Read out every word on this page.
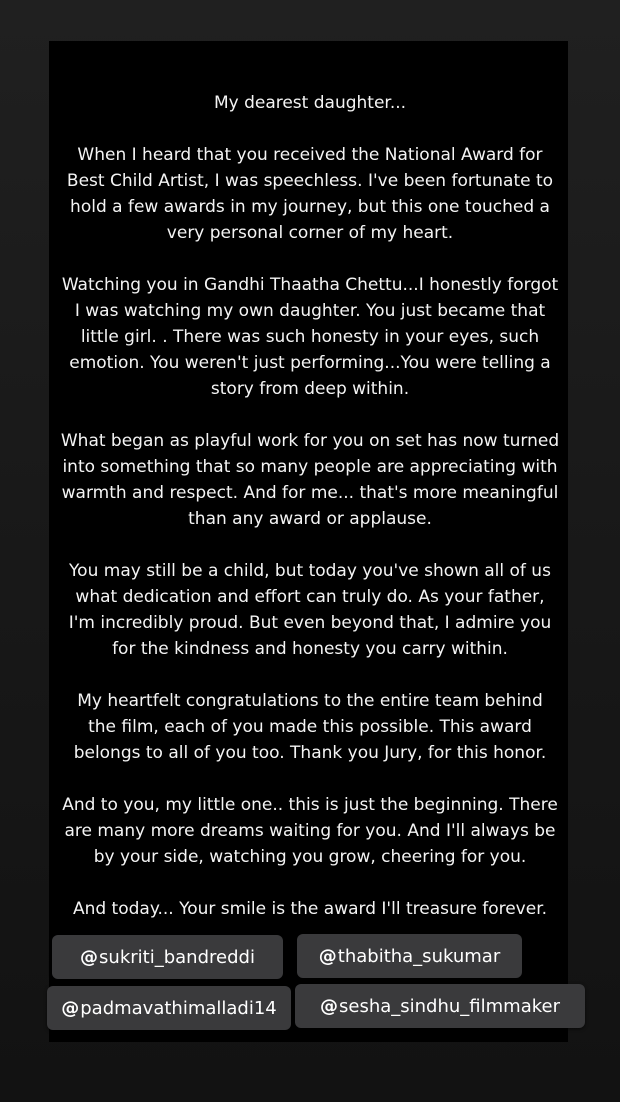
My dearest daughter...

When I heard that you received the National Award for
Best Child Artist, I was speechless. I've been fortunate to
hold a few awards in my journey, but this one touched a
very personal corner of my heart.

Watching you in Gandhi Thaatha Chettu...I honestly forgot
I was watching my own daughter. You just became that
little girl. . There was such honesty in your eyes, such
emotion. You weren't just performing...You were telling a
story from deep within.

What began as playful work for you on set has now turned
into something that so many people are appreciating with
warmth and respect. And for me... that's more meaningful
than any award or applause.

You may still be a child, but today you've shown all of us
what dedication and effort can truly do. As your father,
I'm incredibly proud. But even beyond that, I admire you
for the kindness and honesty you carry within.

My heartfelt congratulations to the entire team behind
the film, each of you made this possible. This award
belongs to all of you too. Thank you Jury, for this honor.

And to you, my little one.. this is just the beginning. There
are many more dreams waiting for you. And I'll always be
by your side, watching you grow, cheering for you.

And today... Your smile is the award I'll treasure forever.

@ sukriti_bandreddi	@ thabitha_sukumar
@ padmavathimalladi14 @ sesha_sindhu_filmmaker
